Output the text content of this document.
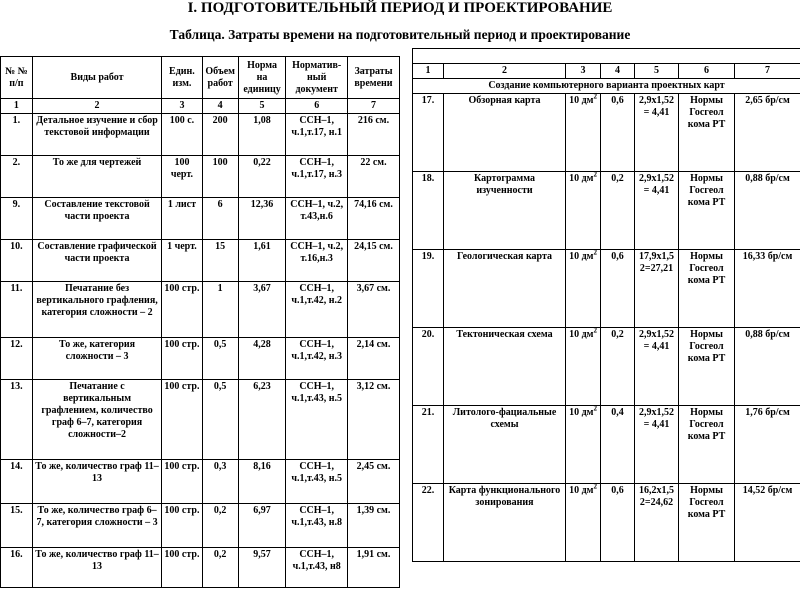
I. ПОДГОТОВИТЕЛЬНЫЙ ПЕРИОД И ПРОЕКТИРОВАНИЕ
Таблица. Затраты времени на подготовительный период и проектирование
№ № п/п	Виды работ	Един. изм.	Объем работ	Норма на единицу	Норматив-ный документ	Затраты времени
1	2	3	4	5	6	7
1.	Детальное изучение и сбор текстовой информации	100 с.	200	1,08	ССН–1, ч.1,т.17, н.1	216 см.
2.	То же для чертежей	100 черт.	100	0,22	ССН–1, ч.1,т.17, н.3	22 см.
9.	Составление текстовой части проекта	1 лист	6	12,36	ССН–1, ч.2, т.43,н.6	74,16 см.
10.	Составление графической части проекта	1 черт.	15	1,61	ССН–1, ч.2, т.16,н.3	24,15 см.
11.	Печатание без вертикального графления, категория сложности – 2	100 стр.	1	3,67	ССН–1, ч.1,т.42, н.2	3,67 см.
12.	То же, категория сложности – 3	100 стр.	0,5	4,28	ССН–1, ч.1,т.42, н.3	2,14 см.
13.	Печатание с вертикальным графлением, количество граф 6–7, категория сложности–2	100 стр.	0,5	6,23	ССН–1, ч.1,т.43, н.5	3,12 см.
14.	То же, количество граф 11–13	100 стр.	0,3	8,16	ССН–1, ч.1,т.43, н.5	2,45 см.
15.	То же, количество граф 6–7, категория сложности – 3	100 стр.	0,2	6,97	ССН–1, ч.1,т.43, н.8	1,39 см.
16.	То же, количество граф 11–13	100 стр.	0,2	9,57	ССН–1, ч.1,т.43, н8	1,91 см.

1	2	3	4	5	6	7
Создание компьютерного варианта проектных карт						
17.	Обзорная карта	10 $дм^2$	0,6	2,9x1,52 = 4,41	Нормы Госгеол кома РТ	2,65 бр/см
18.	Картограмма изученности	10 $дм^2$	0,2	2,9x1,52 = 4,41	Нормы Госгеол кома РТ	0,88 бр/см
19.	Геологическая карта	10 $дм^2$	0,6	17,9x1,5 2=27,21	Нормы Госгеол кома РТ	16,33 бр/см
20.	Тектоническая схема	10 $дм^2$	0,2	2,9x1,52 = 4,41	Нормы Госгеол кома РТ	0,88 бр/см
21.	Литолого-фациальные схемы	10 $дм^2$	0,4	2,9x1,52 = 4,41	Нормы Госгеол кома РТ	1,76 бр/см
22.	Карта функционального зонирования	10 $дм^2$	0,6	16,2x1,5 2=24,62	Нормы Госгеол кома РТ	14,52 бр/см
